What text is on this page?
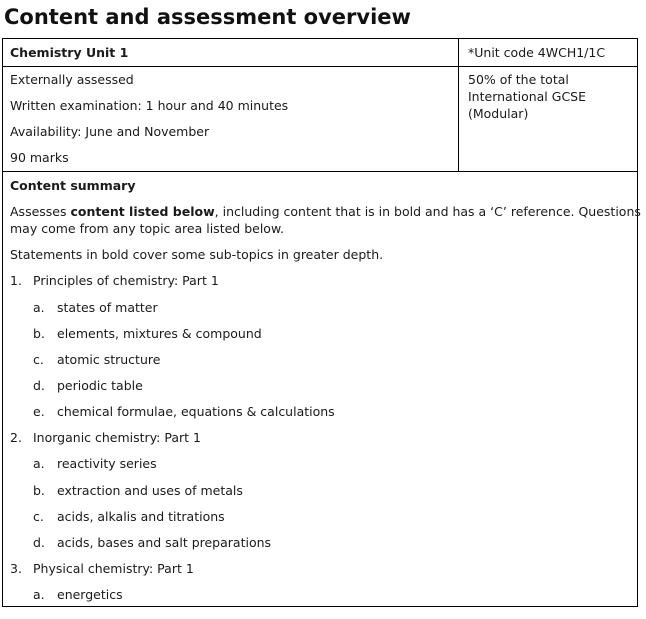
Content and assessment overview
Chemistry Unit 1	*Unit code 4WCH1/1C
Externally assessed
Written examination: 1 hour and 40 minutes
Availability: June and November
90 marks
50% of the total
International GCSE
(Modular)
Content summary
Assesses content listed below, including content that is in bold and has a ‘C’ reference. Questions
may come from any topic area listed below.
Statements in bold cover some sub-topics in greater depth.
1. Principles of chemistry: Part 1
a. states of matter
b. elements, mixtures & compound
c. atomic structure
d. periodic table
e. chemical formulae, equations & calculations
2. Inorganic chemistry: Part 1
a. reactivity series
b. extraction and uses of metals
c. acids, alkalis and titrations
d. acids, bases and salt preparations
3. Physical chemistry: Part 1
a. energetics
